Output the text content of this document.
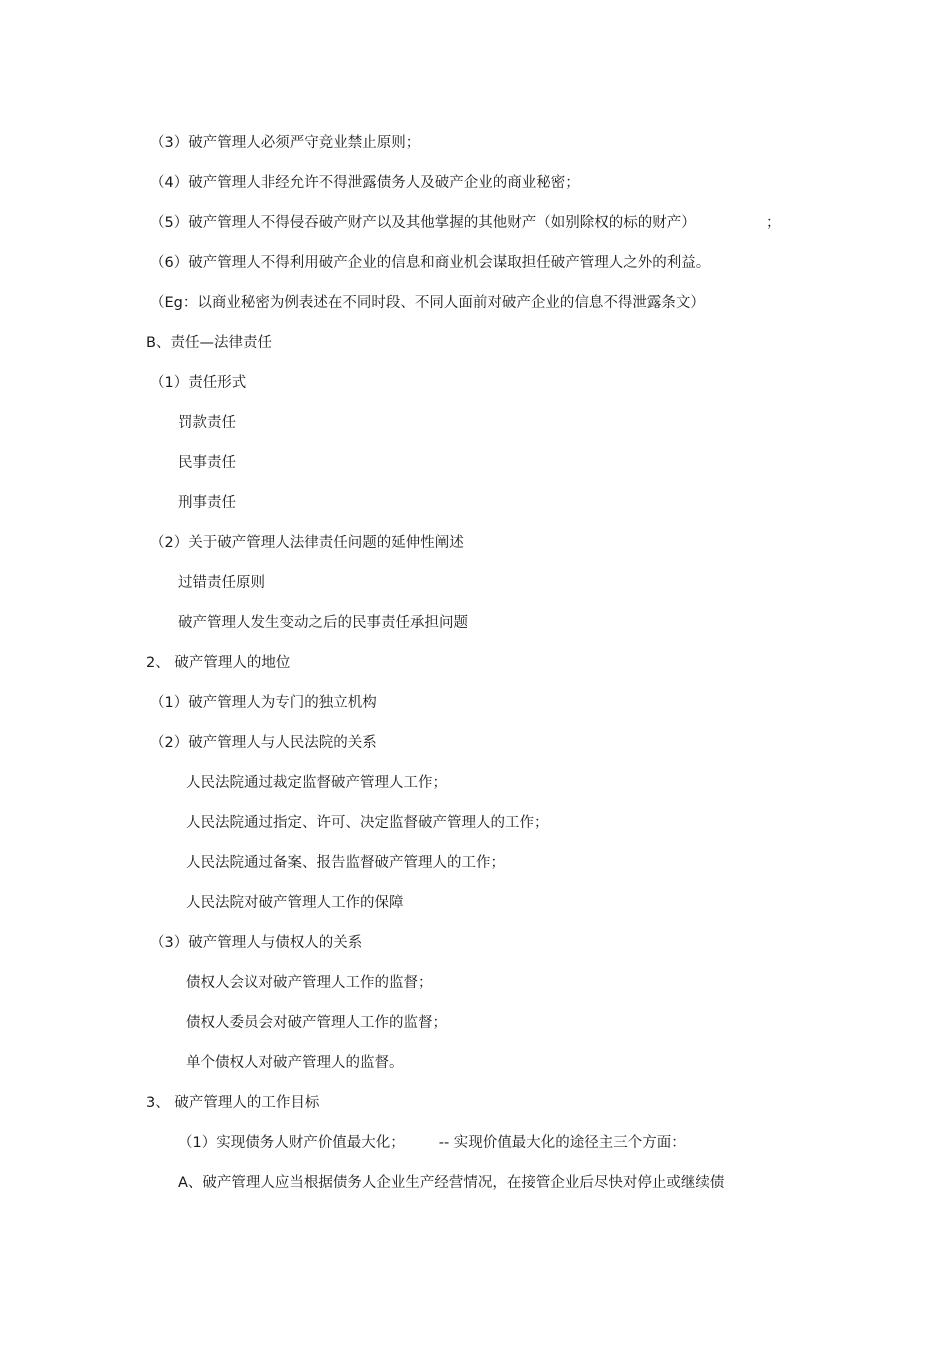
（3）破产管理人必须严守竞业禁止原则；
（4）破产管理人非经允许不得泄露债务人及破产企业的商业秘密；
（5）破产管理人不得侵吞破产财产以及其他掌握的其他财产（如别除权的标的财产）	；
（6）破产管理人不得利用破产企业的信息和商业机会谋取担任破产管理人之外的利益。
（Eg：以商业秘密为例表述在不同时段、不同人面前对破产企业的信息不得泄露条文）
B、责任—法律责任
（1）责任形式
罚款责任
民事责任
刑事责任
（2）关于破产管理人法律责任问题的延伸性阐述
过错责任原则
破产管理人发生变动之后的民事责任承担问题
2、 破产管理人的地位
（1）破产管理人为专门的独立机构
（2）破产管理人与人民法院的关系
人民法院通过裁定监督破产管理人工作；
人民法院通过指定、许可、决定监督破产管理人的工作；
人民法院通过备案、报告监督破产管理人的工作；
人民法院对破产管理人工作的保障
（3）破产管理人与债权人的关系
债权人会议对破产管理人工作的监督；
债权人委员会对破产管理人工作的监督；
单个债权人对破产管理人的监督。
3、 破产管理人的工作目标
（1）实现债务人财产价值最大化； -- 实现价值最大化的途径主三个方面：
A、破产管理人应当根据债务人企业生产经营情况，在接管企业后尽快对停止或继续债
